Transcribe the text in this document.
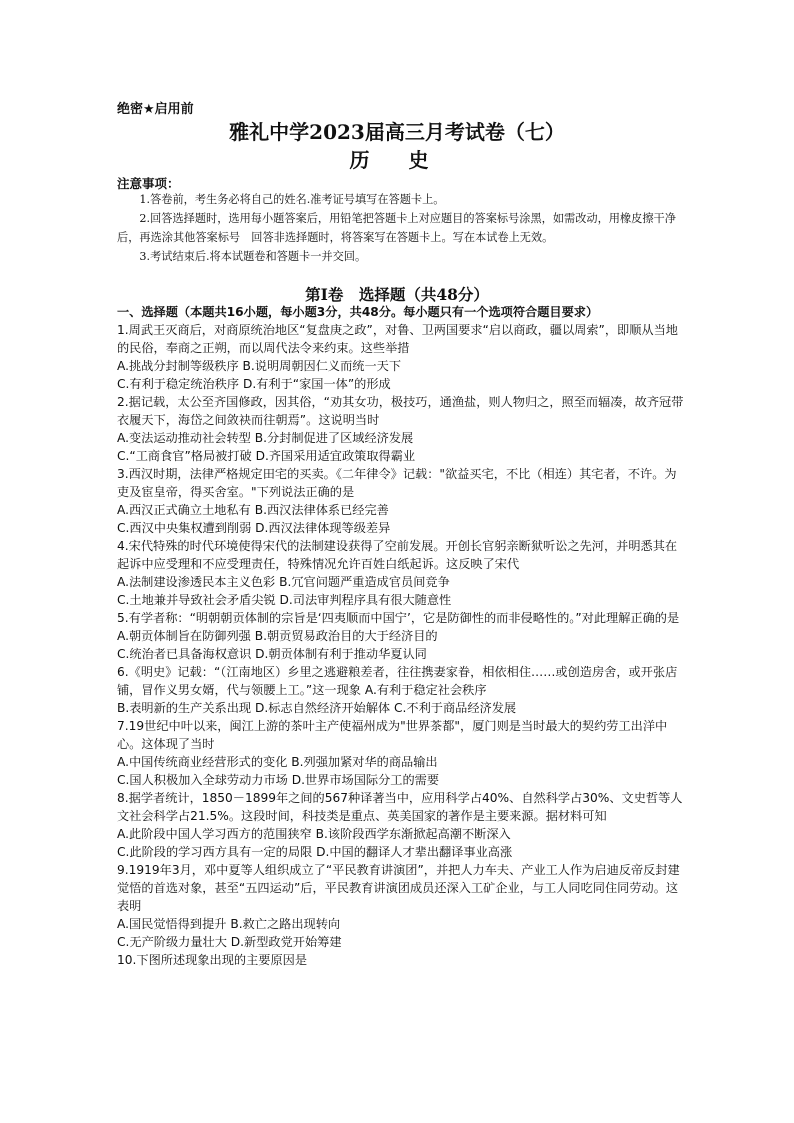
绝密★启用前
雅礼中学2023届高三月考试卷（七）
历 史
注意事项：

1.答卷前，考生务必将自己的姓名.准考证号填写在答题卡上。

2.回答选择题时，选用每小题答案后，用铅笔把答题卡上对应题目的答案标号涂黑，如需改动，用橡皮擦干净后，再选涂其他答案标号　回答非选择题时，将答案写在答题卡上。写在本试卷上无效。

3.考试结束后.将本试题卷和答题卡一并交回。

第Ⅰ卷　选择题（共48分）
一、选择题（本题共16小题，每小题3分，共48分。每小题只有一个选项符合题目要求）

1.周武王灭商后，对商原统治地区“复盘庚之政”，对鲁、卫两国要求“启以商政，疆以周索”，即顺从当地的民俗，奉商之正朔，而以周代法令来约束。这些举措

A.挑战分封制等级秩序 B.说明周朝因仁义而统一天下

C.有利于稳定统治秩序 D.有利于“家国一体”的形成

2.据记载，太公至齐国修政，因其俗，“劝其女功，极技巧，通渔盐，则人物归之，照至而辐凑，故齐冠带衣履天下，海岱之间敛袂而往朝焉”。这说明当时

A.变法运动推动社会转型 B.分封制促进了区域经济发展

C.“工商食官”格局被打破 D.齐国采用适宜政策取得霸业

3.西汉时期，法律严格规定田宅的买卖。《二年律令》记载："欲益买宅，不比（相连）其宅者，不许。为吏及宦皇帝，得买舍室。"下列说法正确的是

A.西汉正式确立土地私有 B.西汉法律体系已经完善

C.西汉中央集权遭到削弱 D.西汉法律体现等级差异

4.宋代特殊的时代环境使得宋代的法制建设获得了空前发展。开创长官躬亲断狱听讼之先河，并明悉其在起诉中应受理和不应受理责任，特殊情况允许百姓白纸起诉。这反映了宋代

A.法制建设渗透民本主义色彩 B.冗官问题严重造成官员间竞争

C.土地兼并导致社会矛盾尖锐 D.司法审判程序具有很大随意性

5.有学者称：“明朝朝贡体制的宗旨是‘四夷顺而中国宁’，它是防御性的而非侵略性的。”对此理解正确的是

A.朝贡体制旨在防御列强 B.朝贡贸易政治目的大于经济目的

C.统治者已具备海权意识 D.朝贡体制有利于推动华夏认同

6.《明史》记载：“（江南地区）乡里之逃避粮差者，往往携妻家眷，相依相住……或创造房舍，或开张店铺，冒作义男女婿，代与领腰上工。”这一现象 A.有利于稳定社会秩序

B.表明新的生产关系出现 D.标志自然经济开始解体 C.不利于商品经济发展

7.19世纪中叶以来，闽江上游的茶叶主产使福州成为"世界茶都"，厦门则是当时最大的契约劳工出洋中心。这体现了当时

A.中国传统商业经营形式的变化 B.列强加紧对华的商品输出

C.国人积极加入全球劳动力市场 D.世界市场国际分工的需要

8.据学者统计，1850－1899年之间的567种译著当中，应用科学占40%、自然科学占30%、文史哲等人文社会科学占21.5%。这段时间，科技类是重点、英美国家的著作是主要来源。据材料可知

A.此阶段中国人学习西方的范围狭窄 B.该阶段西学东渐掀起高潮不断深入

C.此阶段的学习西方具有一定的局限 D.中国的翻译人才辈出翻译事业高涨

9.1919年3月，邓中夏等人组织成立了“平民教育讲演团”，并把人力车夫、产业工人作为启迪反帝反封建觉悟的首选对象，甚至“五四运动”后，平民教育讲演团成员还深入工矿企业，与工人同吃同住同劳动。这表明

A.国民觉悟得到提升 B.救亡之路出现转向

C.无产阶级力量壮大 D.新型政党开始筹建

10.下图所述现象出现的主要原因是
